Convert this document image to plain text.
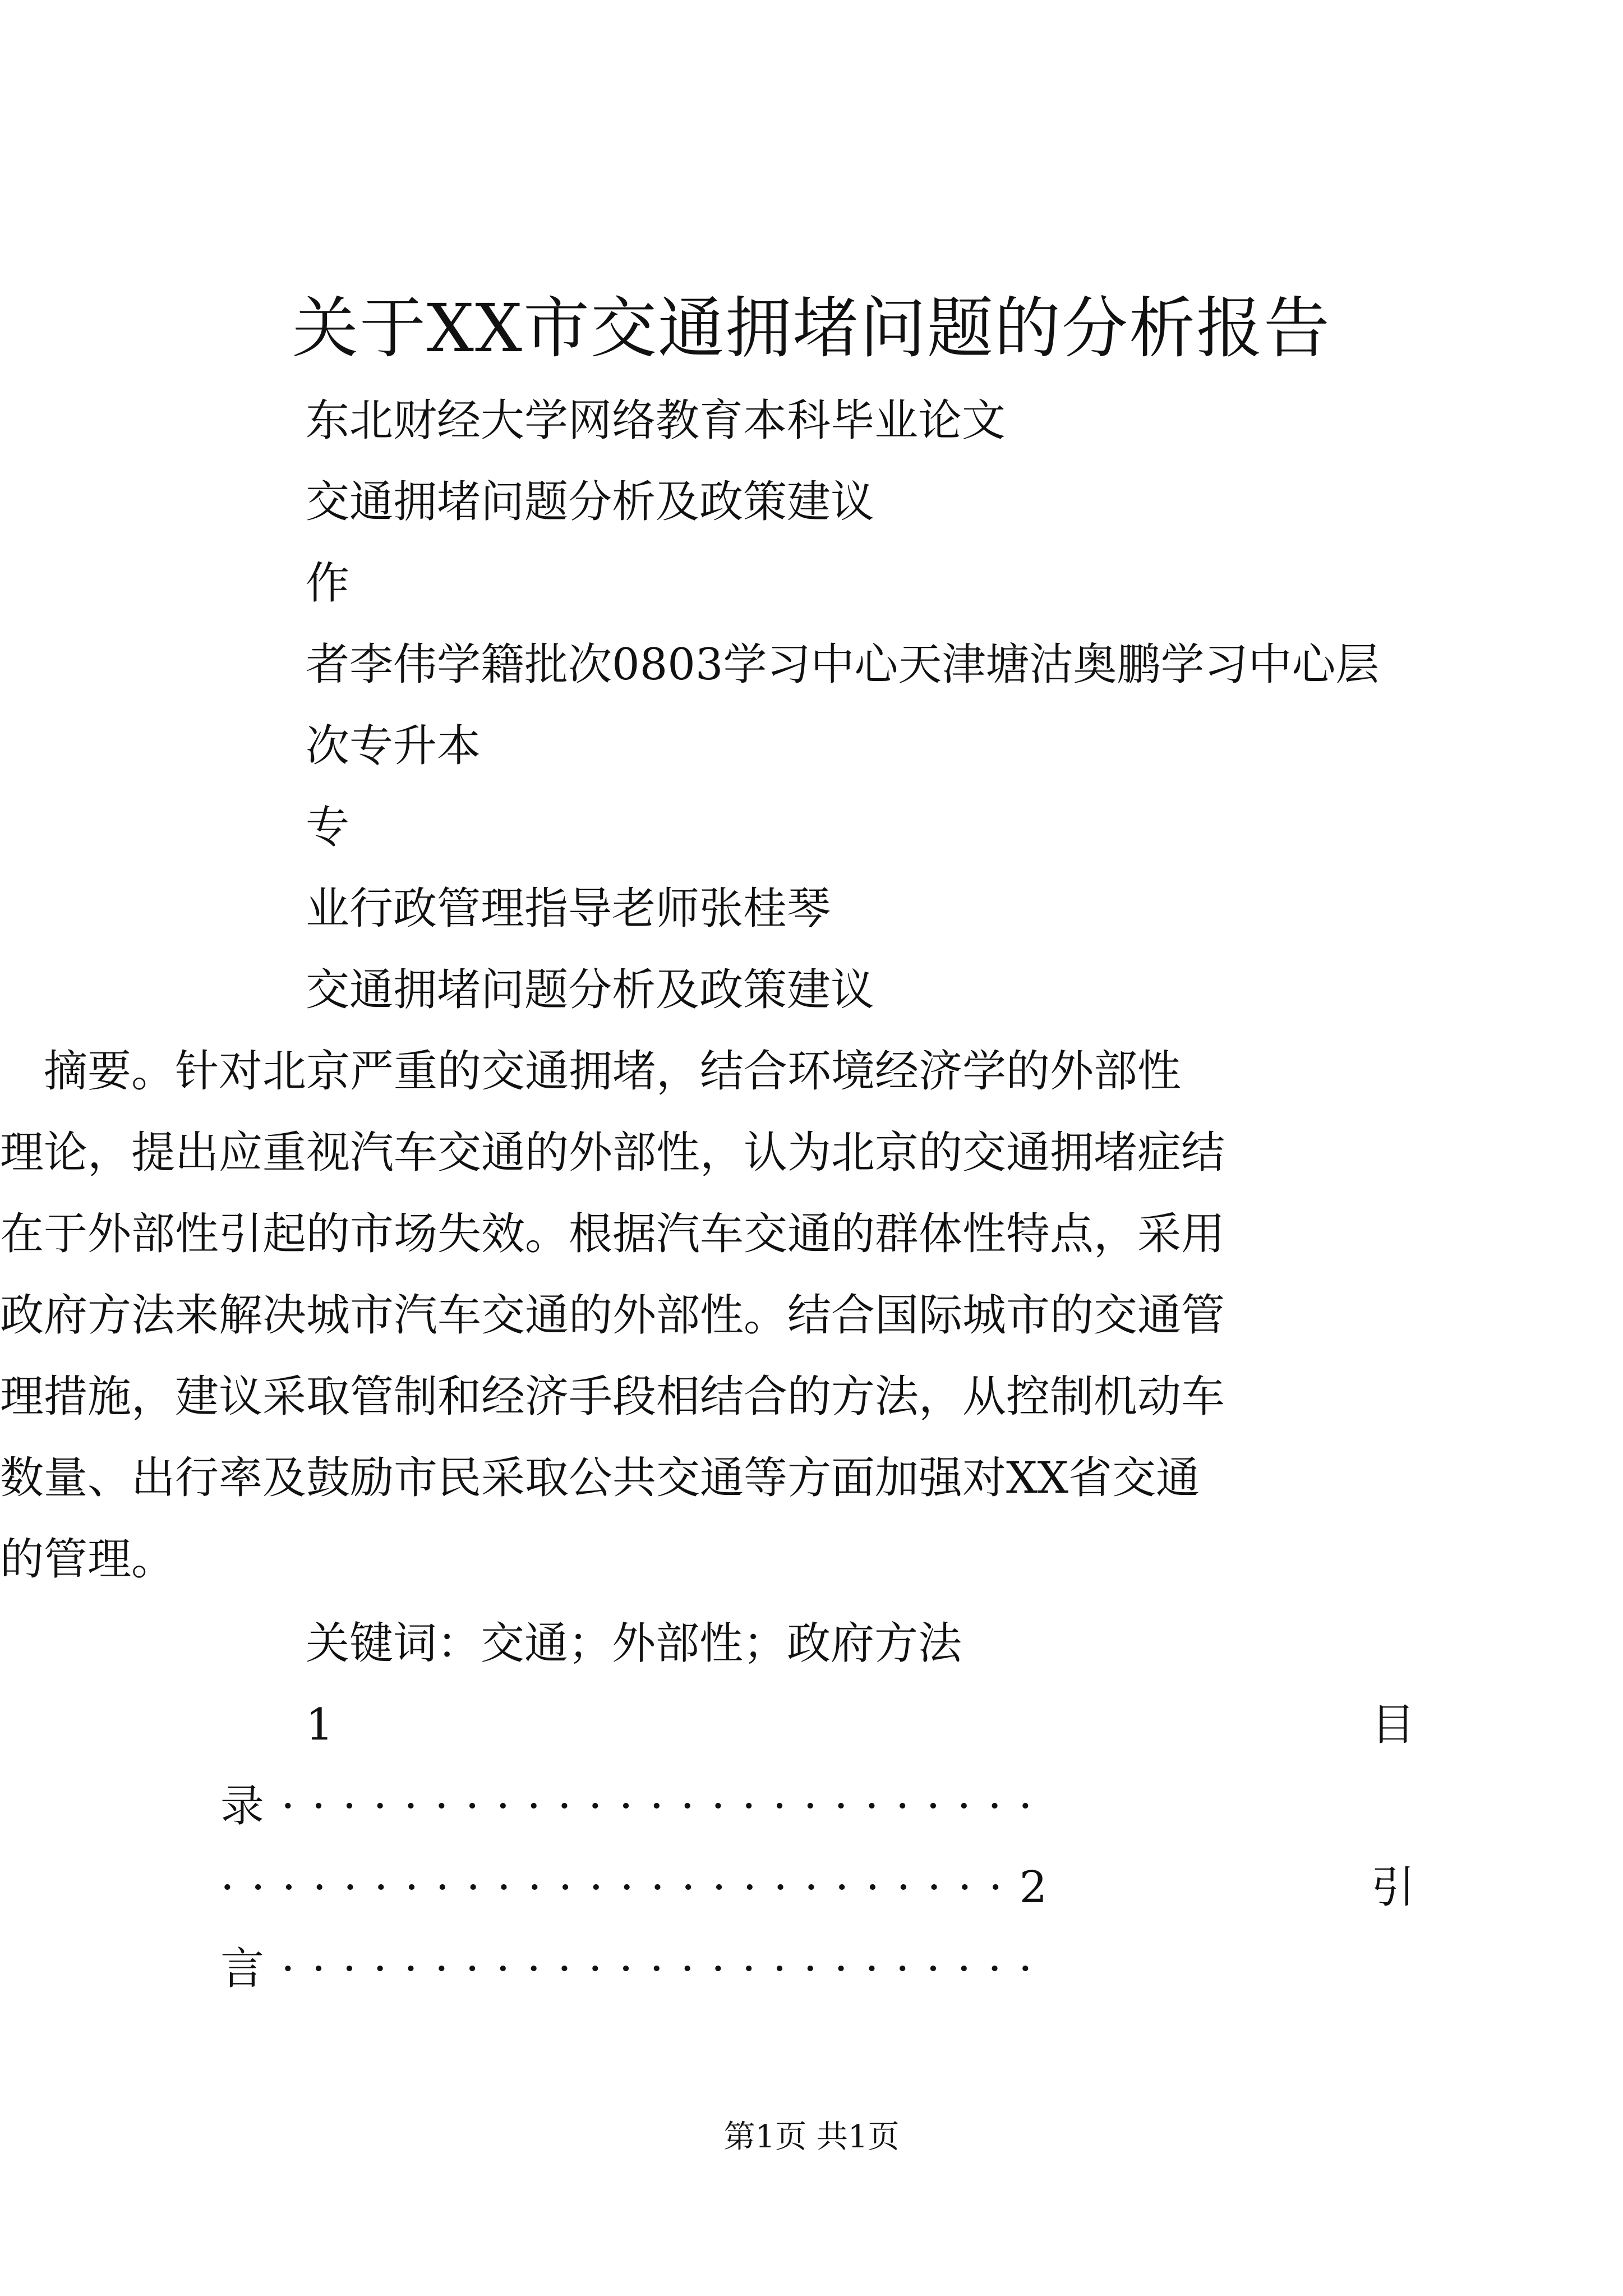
关于XX市交通拥堵问题的分析报告
东北财经大学网络教育本科毕业论文
交通拥堵问题分析及政策建议
作
者李伟学籍批次0803学习中心天津塘沽奥鹏学习中心层
次专升本
专
业行政管理指导老师张桂琴
交通拥堵问题分析及政策建议
　摘要。针对北京严重的交通拥堵，结合环境经济学的外部性
理论，提出应重视汽车交通的外部性，认为北京的交通拥堵症结
在于外部性引起的市场失效。根据汽车交通的群体性特点，采用
政府方法来解决城市汽车交通的外部性。结合国际城市的交通管
理措施，建议采取管制和经济手段相结合的方法，从控制机动车
数量、出行率及鼓励市民采取公共交通等方面加强对XX省交通
的管理。
关键词：交通；外部性；政府方法
1	目
录·························
··························2	引
言·························
第1页 共1页
